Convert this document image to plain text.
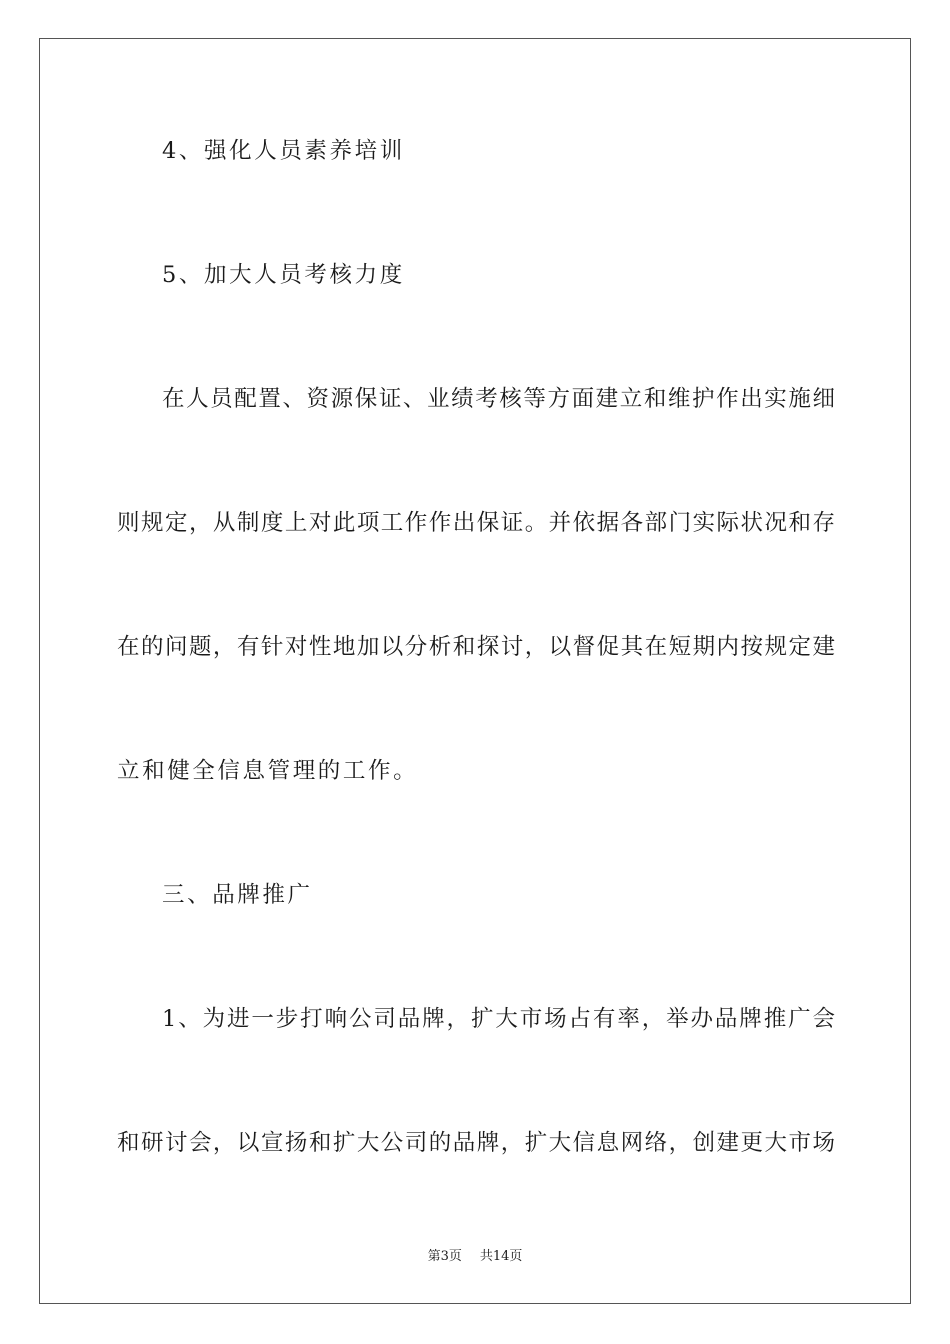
4、强化人员素养培训
5、加大人员考核力度
在人员配置、资源保证、业绩考核等方面建立和维护作出实施细
则规定，从制度上对此项工作作出保证。并依据各部门实际状况和存
在的问题，有针对性地加以分析和探讨，以督促其在短期内按规定建
立和健全信息管理的工作。
三、品牌推广
1、为进一步打响公司品牌，扩大市场占有率，举办品牌推广会
和研讨会，以宣扬和扩大公司的品牌，扩大信息网络，创建更大市场
第3页 共14页
